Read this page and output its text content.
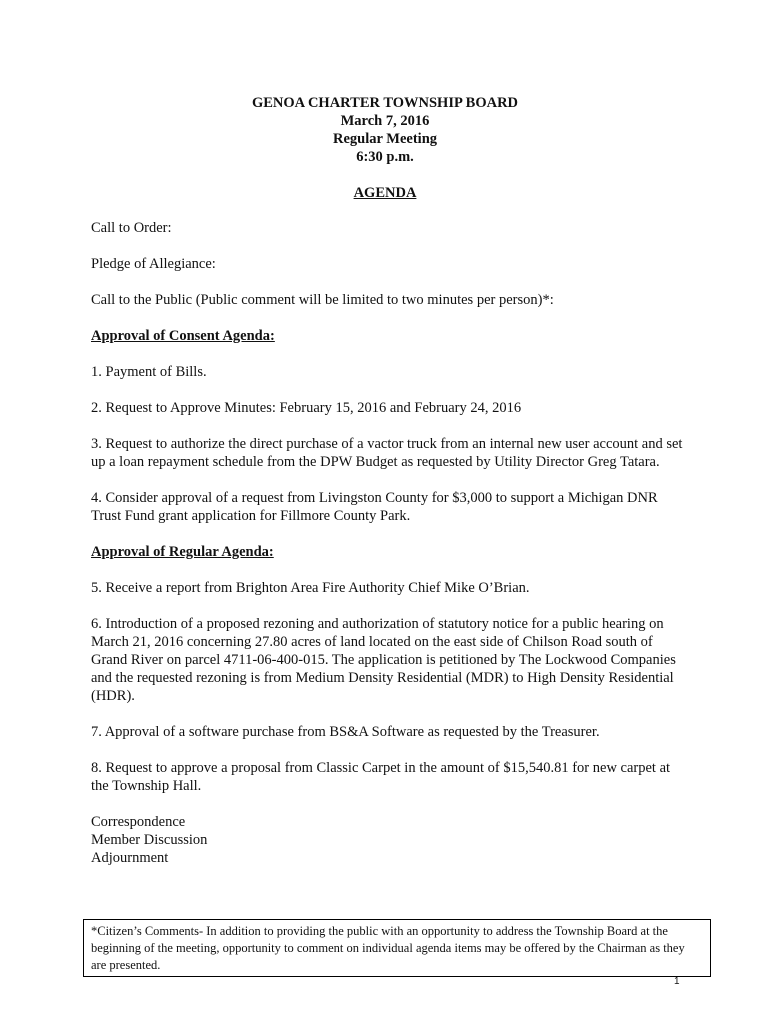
GENOA CHARTER TOWNSHIP BOARD
March 7, 2016
Regular Meeting
6:30 p.m.
AGENDA

Call to Order:

Pledge of Allegiance:

Call to the Public (Public comment will be limited to two minutes per person)*:

Approval of Consent Agenda:

1. Payment of Bills.

2. Request to Approve Minutes: February 15, 2016 and February 24, 2016

3. Request to authorize the direct purchase of a vactor truck from an internal new user account and set up a loan repayment schedule from the DPW Budget as requested by Utility Director Greg Tatara.

4. Consider approval of a request from Livingston County for $3,000 to support a Michigan DNR Trust Fund grant application for Fillmore County Park.

Approval of Regular Agenda:

5. Receive a report from Brighton Area Fire Authority Chief Mike O’Brian.

6. Introduction of a proposed rezoning and authorization of statutory notice for a public hearing on March 21, 2016 concerning 27.80 acres of land located on the east side of Chilson Road south of Grand River on parcel 4711-06-400-015. The application is petitioned by The Lockwood Companies and the requested rezoning is from Medium Density Residential (MDR) to High Density Residential (HDR).

7. Approval of a software purchase from BS&A Software as requested by the Treasurer.

8. Request to approve a proposal from Classic Carpet in the amount of $15,540.81 for new carpet at the Township Hall.

Correspondence
Member Discussion
Adjournment
*Citizen’s Comments- In addition to providing the public with an opportunity to address the Township Board at the beginning of the meeting, opportunity to comment on individual agenda items may be offered by the Chairman as they are presented.
1
